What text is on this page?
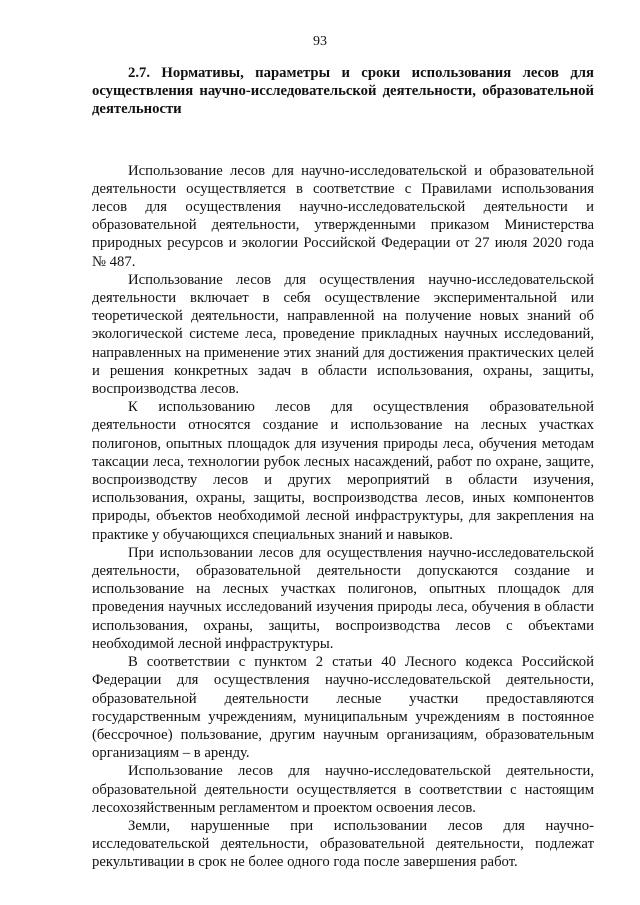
93
2.7. Нормативы, параметры и сроки использования лесов для осуществления научно-исследовательской деятельности, образовательной деятельности

Использование лесов для научно-исследовательской и образовательной деятельности осуществляется в соответствие с Правилами использования лесов для осуществления научно-исследовательской деятельности и образовательной деятельности, утвержденными приказом Министерства природных ресурсов и экологии Российской Федерации от 27 июля 2020 года № 487.

Использование лесов для осуществления научно-исследовательской деятельности включает в себя осуществление экспериментальной или теоретической деятельности, направленной на получение новых знаний об экологической системе леса, проведение прикладных научных исследований, направленных на применение этих знаний для достижения практических целей и решения конкретных задач в области использования, охраны, защиты, воспроизводства лесов.

К использованию лесов для осуществления образовательной деятельности относятся создание и использование на лесных участках полигонов, опытных площадок для изучения природы леса, обучения методам таксации леса, технологии рубок лесных насаждений, работ по охране, защите, воспроизводству лесов и других мероприятий в области изучения, использования, охраны, защиты, воспроизводства лесов, иных компонентов природы, объектов необходимой лесной инфраструктуры, для закрепления на практике у обучающихся специальных знаний и навыков.

При использовании лесов для осуществления научно-исследовательской деятельности, образовательной деятельности допускаются создание и использование на лесных участках полигонов, опытных площадок для проведения научных исследований изучения природы леса, обучения в области использования, охраны, защиты, воспроизводства лесов с объектами необходимой лесной инфраструктуры.

В соответствии с пунктом 2 статьи 40 Лесного кодекса Российской Федерации для осуществления научно-исследовательской деятельности, образовательной деятельности лесные участки предоставляются государственным учреждениям, муниципальным учреждениям в постоянное (бессрочное) пользование, другим научным организациям, образовательным организациям – в аренду.

Использование лесов для научно-исследовательской деятельности, образовательной деятельности осуществляется в соответствии с настоящим лесохозяйственным регламентом и проектом освоения лесов.

Земли, нарушенные при использовании лесов для научно-исследовательской деятельности, образовательной деятельности, подлежат рекультивации в срок не более одного года после завершения работ.
